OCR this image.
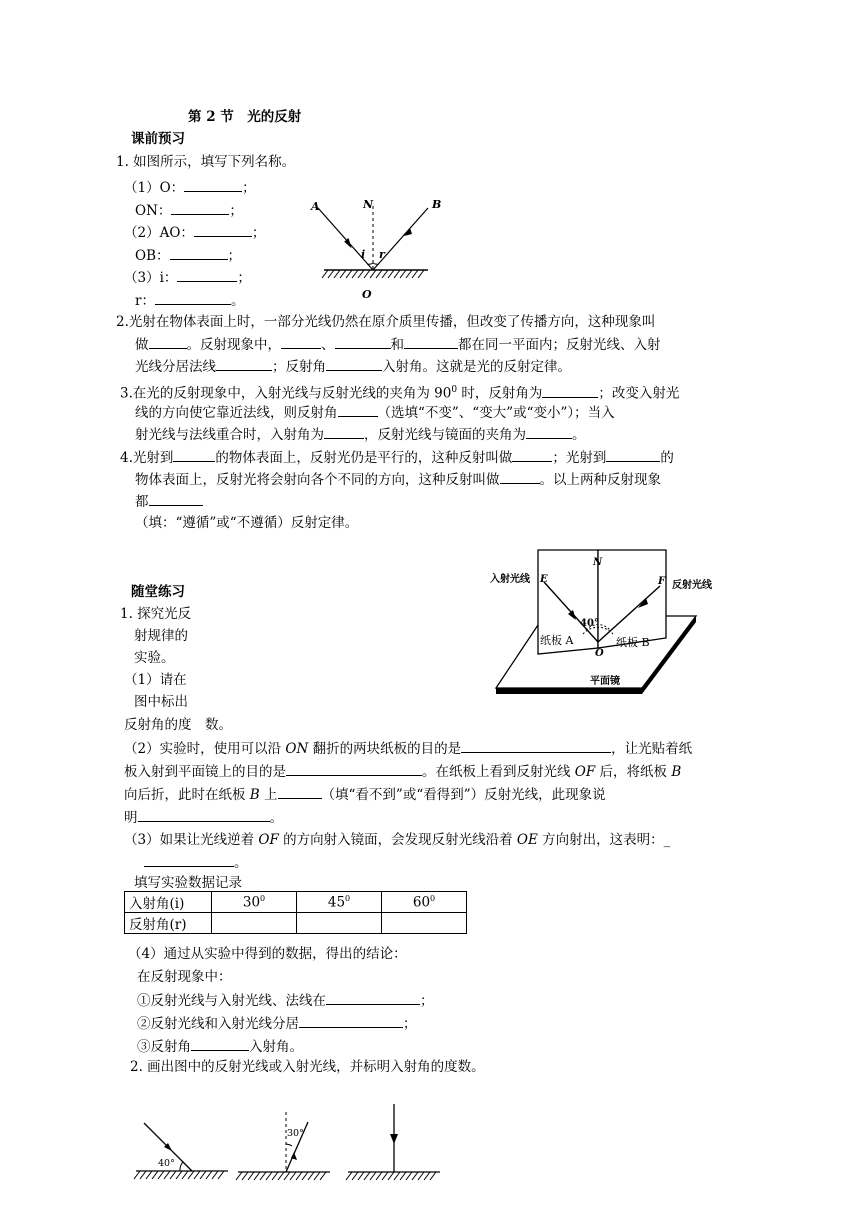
第 2 节　光的反射
课前预习
1. 如图所示，填写下列名称。
（1）O：	；
ON：	；
（2）AO：	；
OB：	；
（3）i：	；
r：	。
A	N	B
i r
O
2.光射在物体表面上时，一部分光线仍然在原介质里传播，但改变了传播方向，这种现象叫
做	。反射现象中，	、	和	都在同一平面内；反射光线、入射
光线分居法线	；反射角	入射角。这就是光的反射定律。
3.在光的反射现象中，入射光线与反射光线的夹角为 $90^0$ 时，反射角为	；改变入射光
线的方向使它靠近法线，则反射角	（选填“不变”、“变大”或“变小”）；当入
射光线与法线重合时，入射角为	，反射光线与镜面的夹角为	。
4.光射到	的物体表面上，反射光仍是平行的，这种反射叫做	；光射到	的
物体表面上，反射光将会射向各个不同的方向，这种反射叫做	。以上两种反射现象
都
（填：“遵循”或“不遵循）反射定律。
随堂练习
1. 探究光反
射规律的
实验。
（1）请在
图中标出
反射角的度　数。
入射光线
反射光线
E
N
F
40°
纸板 A	纸板 B
O
平面镜
（2）实验时，使用可以沿 ON 翻折的两块纸板的目的是	，让光贴着纸
板入射到平面镜上的目的是	。在纸板上看到反射光线 OF 后，将纸板 B
向后折，此时在纸板 B 上	（填“看不到”或“看得到”）反射光线，此现象说
明	。
（3）如果让光线逆着 OF 的方向射入镜面，会发现反射光线沿着 OE 方向射出，这表明：_
。
填写实验数据记录
入射角(i)	$30^0$	$45^0$	$60^0$
反射角(r)			
（4）通过从实验中得到的数据，得出的结论：
在反射现象中：
①反射光线与入射光线、法线在	；
②反射光线和入射光线分居	；
③反射角	入射角。
2. 画出图中的反射光线或入射光线，并标明入射角的度数。
40°
30°
